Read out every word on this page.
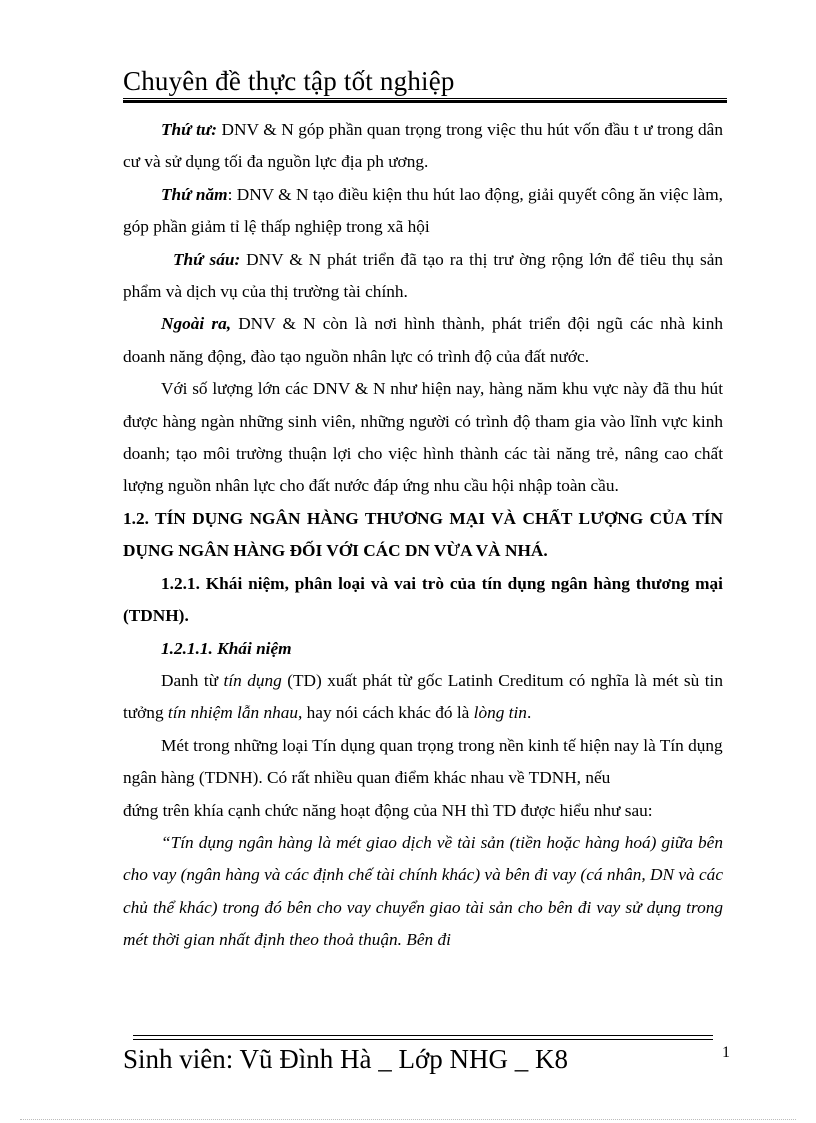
Chuyên đề thực tập tốt nghiệp

Thứ tư: DNV & N góp phần quan trọng trong việc thu hút vốn đầu t ư trong dân cư và sử dụng tối đa nguồn lực địa ph ương.

Thứ năm: DNV & N tạo điều kiện thu hút lao động, giải quyết công ăn việc làm, góp phần giảm tỉ lệ thấp nghiệp trong xã hội

Thứ sáu: DNV & N phát triển đã tạo ra thị trư ờng rộng lớn để tiêu thụ sản phẩm và dịch vụ của thị trường tài chính.

Ngoài ra, DNV & N còn là nơi hình thành, phát triển đội ngũ các nhà kinh doanh năng động, đào tạo nguồn nhân lực có trình độ của đất nước.

Với số lượng lớn các DNV & N như hiện nay, hàng năm khu vực này đã thu hút được hàng ngàn những sinh viên, những người có trình độ tham gia vào lĩnh vực kinh doanh; tạo môi trường thuận lợi cho việc hình thành các tài năng trẻ, nâng cao chất lượng nguồn nhân lực cho đất nước đáp ứng nhu cầu hội nhập toàn cầu.

1.2. TÍN DỤNG NGÂN HÀNG THƯƠNG MẠI VÀ CHẤT LƯỢNG CỦA TÍN DỤNG NGÂN HÀNG ĐỐI VỚI CÁC DN VỪA VÀ NHÁ.

1.2.1. Khái niệm, phân loại và vai trò của tín dụng ngân hàng thương mại (TDNH).

1.2.1.1. Khái niệm

Danh từ tín dụng (TD) xuất phát từ gốc Latinh Creditum có nghĩa là mét sù tin tưởng tín nhiệm lẫn nhau, hay nói cách khác đó là lòng tin.

Mét trong những loại Tín dụng quan trọng trong nền kinh tế hiện nay là Tín dụng ngân hàng (TDNH). Có rất nhiều quan điểm khác nhau về TDNH, nếu

đứng trên khía cạnh chức năng hoạt động của NH thì TD được hiểu như sau:

“Tín dụng ngân hàng là mét giao dịch về tài sản (tiền hoặc hàng hoá) giữa bên cho vay (ngân hàng và các định chế tài chính khác) và bên đi vay (cá nhân, DN và các chủ thể khác) trong đó bên cho vay chuyển giao tài sản cho bên đi vay sử dụng trong mét thời gian nhất định theo thoả thuận. Bên đi

Sinh viên: Vũ Đình Hà _ Lớp NHG _ K8	1
